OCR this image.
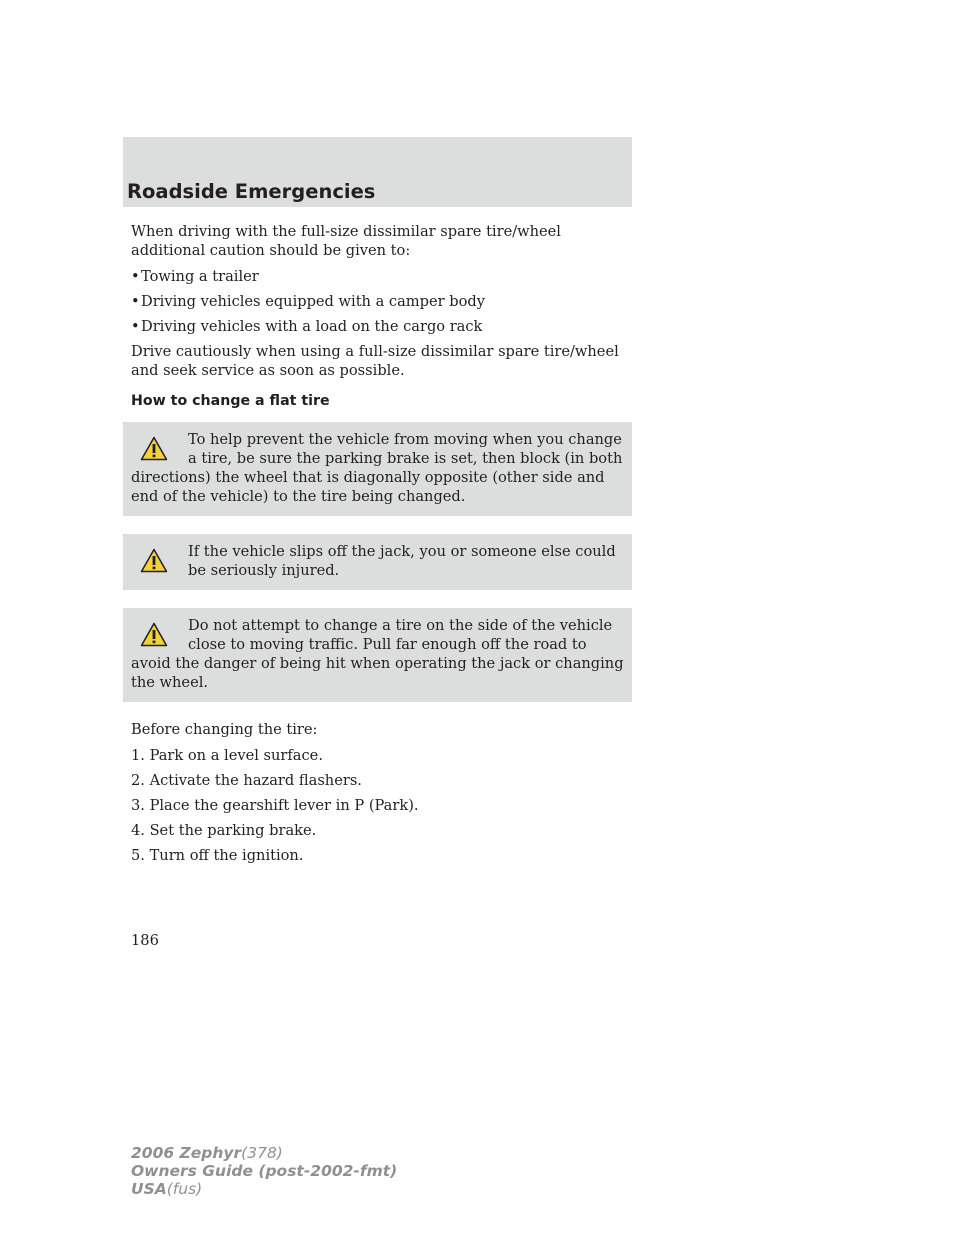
Roadside Emergencies

When driving with the full-size dissimilar spare tire/wheel additional caution should be given to:

• Towing a trailer
• Driving vehicles equipped with a camper body
• Driving vehicles with a load on the cargo rack

Drive cautiously when using a full-size dissimilar spare tire/wheel and seek service as soon as possible.

How to change a flat tire
To help prevent the vehicle from moving when you change a tire, be sure the parking brake is set, then block (in both directions) the wheel that is diagonally opposite (other side and end of the vehicle) to the tire being changed.
If the vehicle slips off the jack, you or someone else could be seriously injured.
Do not attempt to change a tire on the side of the vehicle close to moving traffic. Pull far enough off the road to avoid the danger of being hit when operating the jack or changing the wheel.

Before changing the tire:

1. Park on a level surface.
2. Activate the hazard flashers.
3. Place the gearshift lever in P (Park).
4. Set the parking brake.
5. Turn off the ignition.
186
2006 Zephyr(378)
Owners Guide (post-2002-fmt)
USA(fus)
